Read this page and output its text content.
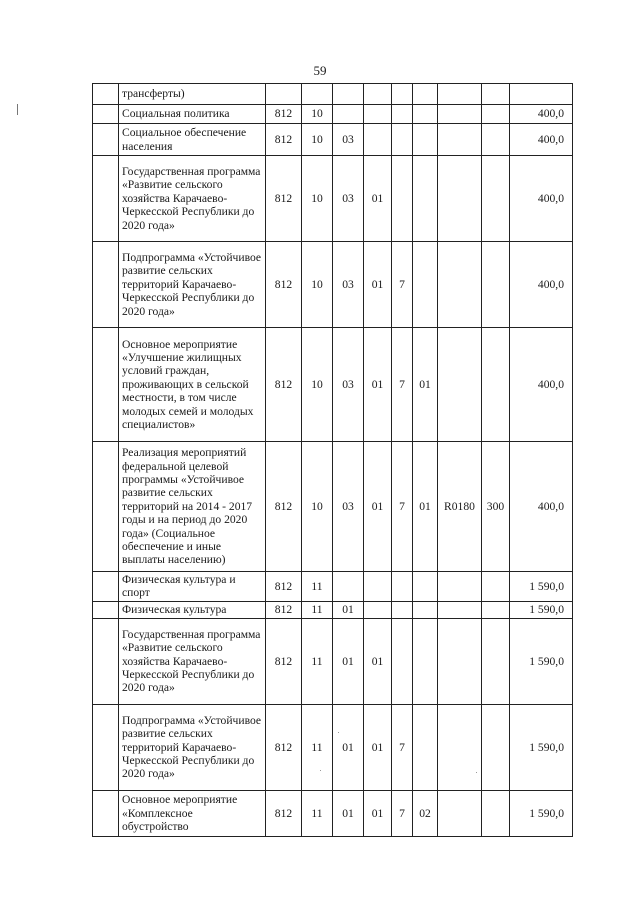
59
	трансферты)									
	Социальная политика	812	10							400,0
	Социальное обеспечение населения	812	10	03						400,0
	Государственная программа «Развитие сельского хозяйства Карачаево-Черкесской Республики до 2020 года»	812	10	03	01					400,0
	Подпрограмма «Устойчивое развитие сельских территорий Карачаево-Черкесской Республики до 2020 года»	812	10	03	01	7				400,0
	Основное мероприятие «Улучшение жилищных условий граждан, проживающих в сельской местности, в том числе молодых семей и молодых специалистов»	812	10	03	01	7	01			400,0
	Реализация мероприятий федеральной целевой программы «Устойчивое развитие сельских территорий на 2014 - 2017 годы и на период до 2020 года» (Социальное обеспечение и иные выплаты населению)	812	10	03	01	7	01	R0180	300	400,0
	Физическая культура и спорт	812	11							1 590,0
	Физическая культура	812	11	01						1 590,0
	Государственная программа «Развитие сельского хозяйства Карачаево-Черкесской Республики до 2020 года»	812	11	01	01					1 590,0
	Подпрограмма «Устойчивое развитие сельских территорий Карачаево-Черкесской Республики до 2020 года»	812	11	01	01	7				1 590,0
	Основное мероприятие «Комплексное обустройство	812	11	01	01	7	02			1 590,0
